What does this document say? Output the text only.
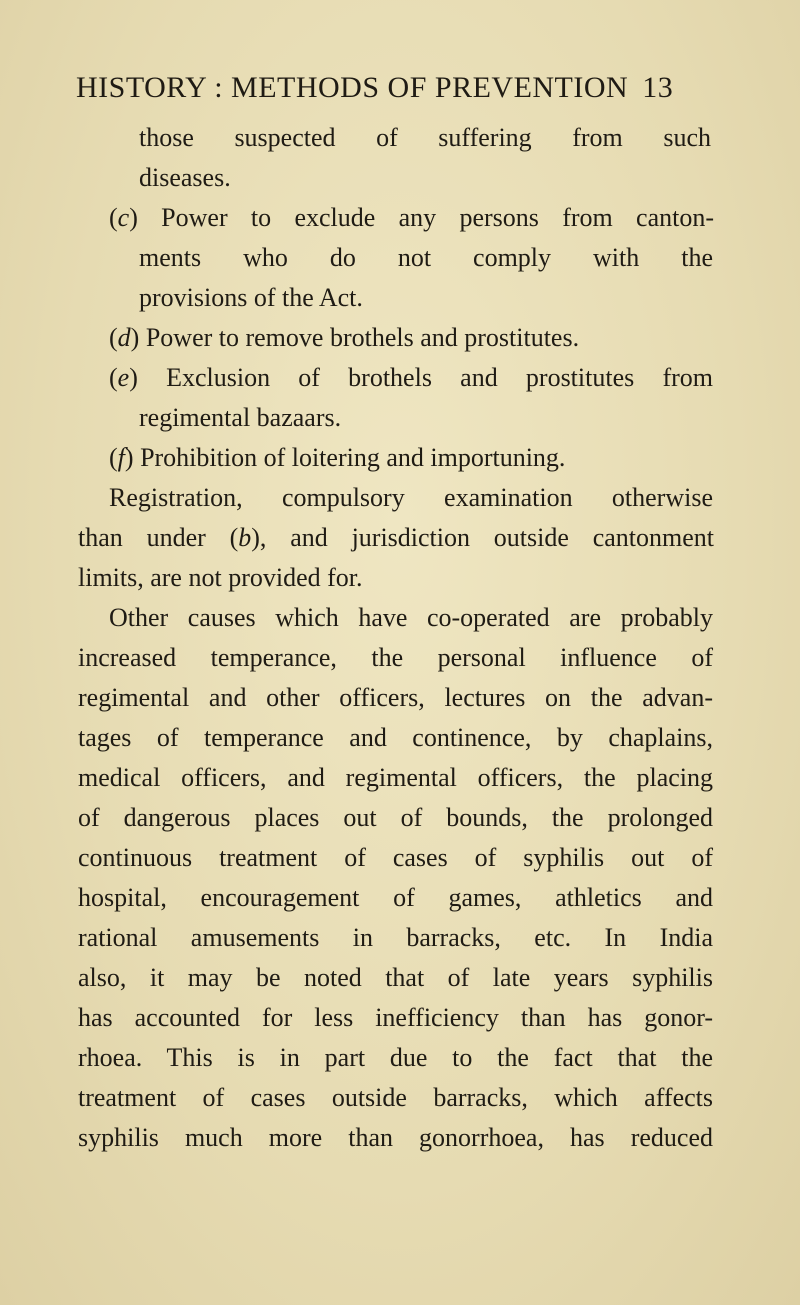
HISTORY : METHODS OF PREVENTION 13
those suspected of suffering from such
diseases.
(c) Power to exclude any persons from canton-
ments who do not comply with the
provisions of the Act.
(d) Power to remove brothels and prostitutes.
(e) Exclusion of brothels and prostitutes from
regimental bazaars.
(f) Prohibition of loitering and importuning.
Registration, compulsory examination otherwise
than under (b), and jurisdiction outside cantonment
limits, are not provided for.
Other causes which have co-operated are probably
increased temperance, the personal influence of
regimental and other officers, lectures on the advan-
tages of temperance and continence, by chaplains,
medical officers, and regimental officers, the placing
of dangerous places out of bounds, the prolonged
continuous treatment of cases of syphilis out of
hospital, encouragement of games, athletics and
rational amusements in barracks, etc. In India
also, it may be noted that of late years syphilis
has accounted for less inefficiency than has gonor-
rhoea. This is in part due to the fact that the
treatment of cases outside barracks, which affects
syphilis much more than gonorrhoea, has reduced
